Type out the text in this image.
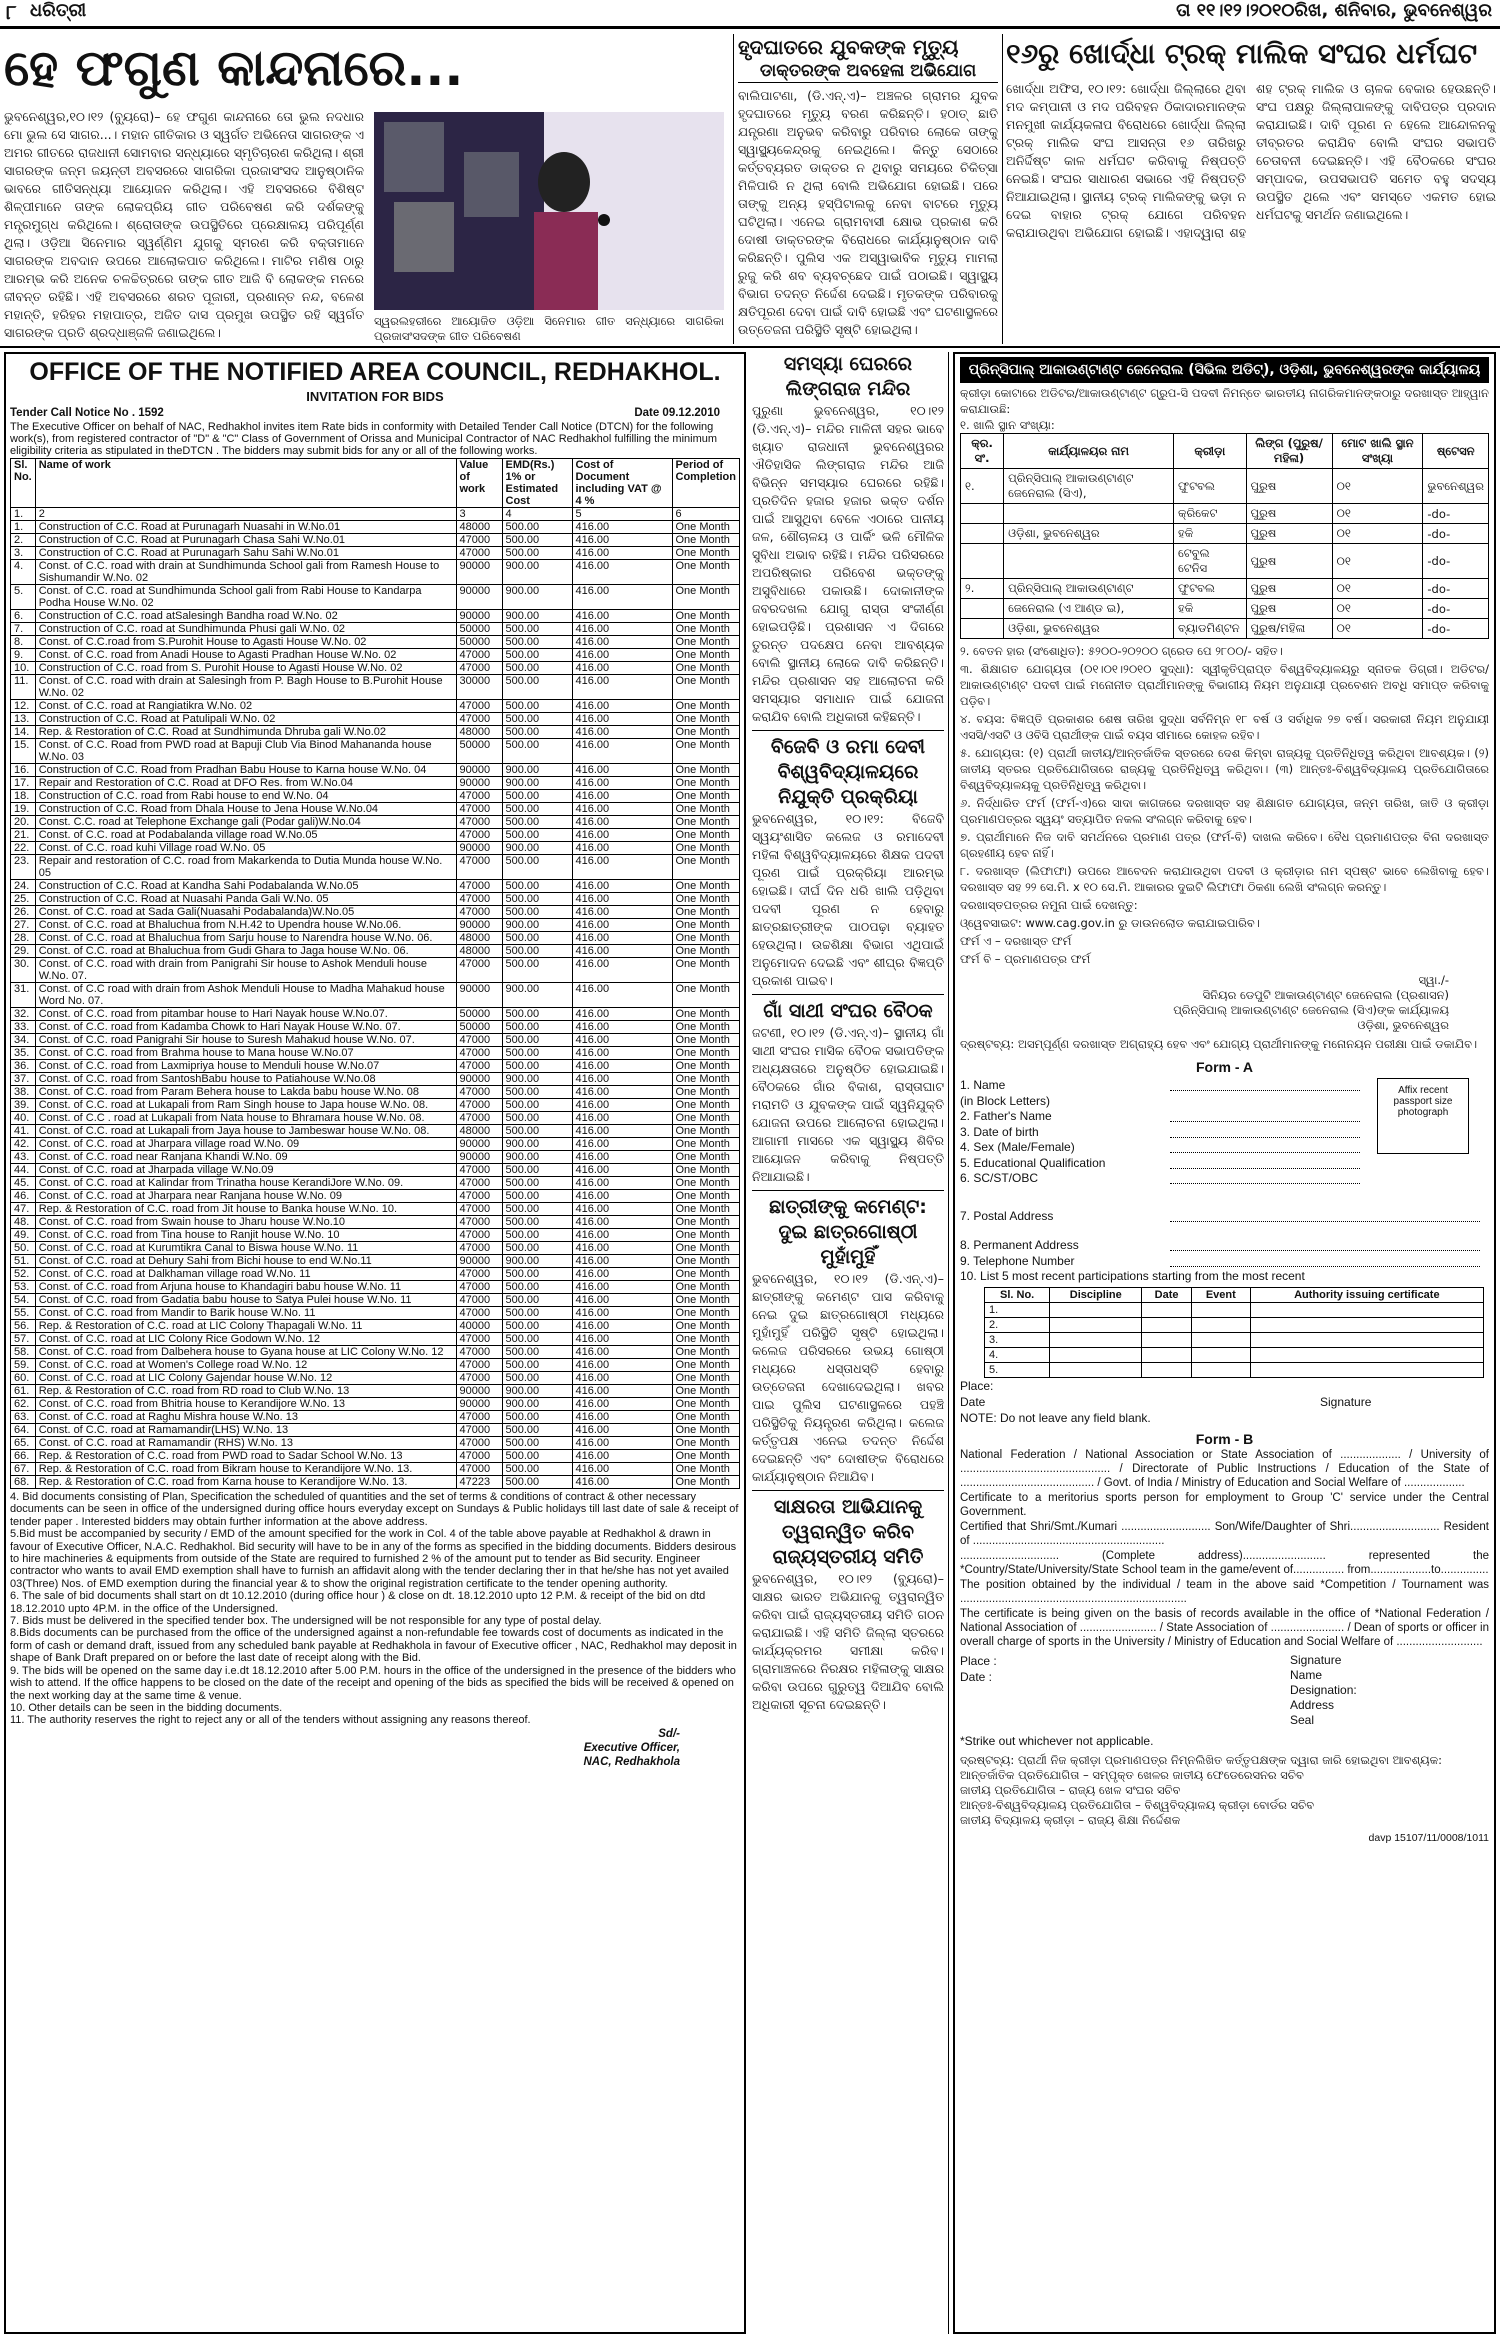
୮ ଧରିତ୍ରୀ	ତା ୧୧।୧୨।୨୦୧୦ରିଖ, ଶନିବାର, ଭୁବନେଶ୍ୱର
ହେ ଫଗୁଣ କାନ୍ଦନାରେ...
ଭୁବନେଶ୍ୱର,୧୦।୧୨ (ବ୍ୟୁରୋ)– ହେ ଫଗୁଣ କାନ୍ଦନାରେ ତୋ ଭୁଲ ନଦଧାର ମୋ ଭୁଲ ସେ ସାଗର...। ମହାନ ଗୀତିକାର ଓ ସ୍ୱର୍ଗତ ଅଭିନେତା ସାଗରଙ୍କ ଏ ଅମର ଗୀତରେ ରାଜଧାନୀ ସୋମବାର ସନ୍ଧ୍ୟାରେ ସ୍ମୃତିଚାରଣ କରିଥିଲା। ଶ୍ରୀ ସାଗରଙ୍କ ଜନ୍ମ ଜୟନ୍ତୀ ଅବସରରେ ସାଗରିକା ପ୍ରଜାସଂସଦ ଆନୁଷ୍ଠାନିକ ଭାବରେ ଗୀତିସନ୍ଧ୍ୟା ଆୟୋଜନ କରିଥିଲା। ଏହି ଅବସରରେ ବିଶିଷ୍ଟ ଶିଳ୍ପୀମାନେ ତାଙ୍କ ଲୋକପ୍ରିୟ ଗୀତ ପରିବେଷଣ କରି ଦର୍ଶକଙ୍କୁ ମନ୍ତ୍ରମୁଗ୍ଧ କରିଥିଲେ। ଶ୍ରୋତାଙ୍କ ଉପସ୍ଥିତିରେ ପ୍ରେକ୍ଷାଳୟ ପରିପୂର୍ଣ୍ଣ ଥିଲା। ଓଡ଼ିଆ ସିନେମାର ସ୍ୱର୍ଣ୍ଣିମ ଯୁଗକୁ ସ୍ମରଣ କରି ବକ୍ତାମାନେ ସାଗରଙ୍କ ଅବଦାନ ଉପରେ ଆଲୋକପାତ କରିଥିଲେ। ମାଟିର ମଣିଷ ଠାରୁ ଆରମ୍ଭ କରି ଅନେକ ଚଳଚ୍ଚିତ୍ରରେ ତାଙ୍କ ଗୀତ ଆଜି ବି ଲୋକଙ୍କ ମନରେ ଜୀବନ୍ତ ରହିଛି। ଏହି ଅବସରରେ ଶରତ ପୂଜାରୀ, ପ୍ରଶାନ୍ତ ନନ୍ଦ, ବଳେଶ ମହାନ୍ତି, ହରିହର ମହାପାତ୍ର, ଅଜିତ ଦାସ ପ୍ରମୁଖ ଉପସ୍ଥିତ ରହି ସ୍ୱର୍ଗତ ସାଗରଙ୍କ ପ୍ରତି ଶ୍ରଦ୍ଧାଞ୍ଜଳି ଜଣାଇଥିଲେ।
ସ୍ୱରଲହରୀରେ ଆୟୋଜିତ ଓଡ଼ିଆ ସିନେମାର ଗୀତ ସନ୍ଧ୍ୟାରେ ସାଗରିକା ପ୍ରଜାସଂସଦଙ୍କ ଗୀତ ପରିବେଷଣ
ହୃଦଘାତରେ ଯୁବକଙ୍କ ମୃତ୍ୟୁ
ଡାକ୍ତରଙ୍କ ଅବହେଳା ଅଭିଯୋଗ
ବାଲିପାଟଣା, (ଡି.ଏନ୍.ଏ)– ଅଞ୍ଚଳର ଗ୍ରାମର ଯୁବକ ହୃଦଘାତରେ ମୃତ୍ୟୁ ବରଣ କରିଛନ୍ତି। ହଠାତ୍ ଛାତି ଯନ୍ତ୍ରଣା ଅନୁଭବ କରିବାରୁ ପରିବାର ଲୋକେ ତାଙ୍କୁ ସ୍ୱାସ୍ଥ୍ୟକେନ୍ଦ୍ରକୁ ନେଇଥିଲେ। କିନ୍ତୁ ସେଠାରେ କର୍ତ୍ତବ୍ୟରତ ଡାକ୍ତର ନ ଥିବାରୁ ସମୟରେ ଚିକିତ୍ସା ମିଳିପାରି ନ ଥିଲା ବୋଲି ଅଭିଯୋଗ ହୋଇଛି। ପରେ ତାଙ୍କୁ ଅନ୍ୟ ହସ୍ପିଟାଲକୁ ନେବା ବାଟରେ ମୃତ୍ୟୁ ଘଟିଥିଲା। ଏନେଇ ଗ୍ରାମବାସୀ କ୍ଷୋଭ ପ୍ରକାଶ କରି ଦୋଷୀ ଡାକ୍ତରଙ୍କ ବିରୋଧରେ କାର୍ଯ୍ୟାନୁଷ୍ଠାନ ଦାବି କରିଛନ୍ତି। ପୁଲିସ ଏକ ଅସ୍ୱାଭାବିକ ମୃତ୍ୟୁ ମାମଲା ରୁଜୁ କରି ଶବ ବ୍ୟବଚ୍ଛେଦ ପାଇଁ ପଠାଇଛି। ସ୍ୱାସ୍ଥ୍ୟ ବିଭାଗ ତଦନ୍ତ ନିର୍ଦ୍ଦେଶ ଦେଇଛି। ମୃତକଙ୍କ ପରିବାରକୁ କ୍ଷତିପୂରଣ ଦେବା ପାଇଁ ଦାବି ହୋଇଛି ଏବଂ ଘଟଣାସ୍ଥଳରେ ଉତ୍ତେଜନା ପରିସ୍ଥିତି ସୃଷ୍ଟି ହୋଇଥିଲା।
୧୬ରୁ ଖୋର୍ଦ୍ଧା ଟ୍ରକ୍ ମାଲିକ ସଂଘର ଧର୍ମଘଟ
ଖୋର୍ଦ୍ଧା ଅଫିସ, ୧୦।୧୨: ଖୋର୍ଦ୍ଧା ଜିଲ୍ଲାରେ ଥିବା ମଦ କମ୍ପାନୀ ଓ ମଦ ପରିବହନ ଠିକାଦାରମାନଙ୍କ ମନମୁଖୀ କାର୍ଯ୍ୟକଳାପ ବିରୋଧରେ ଖୋର୍ଦ୍ଧା ଜିଲ୍ଲା ଟ୍ରକ୍ ମାଲିକ ସଂଘ ଆସନ୍ତା ୧୬ ତାରିଖରୁ ଅନିର୍ଦ୍ଦିଷ୍ଟ କାଳ ଧର୍ମଘଟ କରିବାକୁ ନିଷ୍ପତ୍ତି ନେଇଛି। ସଂଘର ସାଧାରଣ ସଭାରେ ଏହି ନିଷ୍ପତ୍ତି ନିଆଯାଇଥିଲା। ସ୍ଥାନୀୟ ଟ୍ରକ୍ ମାଲିକଙ୍କୁ ଭଡ଼ା ନ ଦେଇ ବାହାର ଟ୍ରକ୍ ଯୋଗେ ପରିବହନ କରାଯାଉଥିବା ଅଭିଯୋଗ ହୋଇଛି। ଏହାଦ୍ୱାରା ଶହ ଶହ ଟ୍ରକ୍ ମାଲିକ ଓ ଚାଳକ ବେକାର ହେଉଛନ୍ତି। ସଂଘ ପକ୍ଷରୁ ଜିଲ୍ଲାପାଳଙ୍କୁ ଦାବିପତ୍ର ପ୍ରଦାନ କରାଯାଇଛି। ଦାବି ପୂରଣ ନ ହେଲେ ଆନ୍ଦୋଳନକୁ ତୀବ୍ରତର କରାଯିବ ବୋଲି ସଂଘର ସଭାପତି ଚେତାବନୀ ଦେଇଛନ୍ତି। ଏହି ବୈଠକରେ ସଂଘର ସମ୍ପାଦକ, ଉପସଭାପତି ସମେତ ବହୁ ସଦସ୍ୟ ଉପସ୍ଥିତ ଥିଲେ ଏବଂ ସମସ୍ତେ ଏକମତ ହୋଇ ଧର୍ମଘଟକୁ ସମର୍ଥନ ଜଣାଇଥିଲେ।
OFFICE OF THE NOTIFIED AREA COUNCIL, REDHAKHOL.
INVITATION FOR BIDS
Tender Call Notice No . 1592	Date 09.12.2010
The Executive Officer on behalf of NAC, Redhakhol invites item Rate bids in conformity with Detailed Tender Call Notice (DTCN) for the following work(s), from registered contractor of "D" & "C" Class of Government of Orissa and Municipal Contractor of NAC Redhakhol fulfilling the minimum eligibility criteria as stipulated in theDTCN . The bidders may submit bids for any or all of the following works.
Sl. No.	Name of work	Value of work	EMD(Rs.) 1% or Estimated Cost	Cost of Document including VAT @ 4 %	Period of Completion
1.	2	3	4	5	6
1.	Construction of C.C. Road at Purunagarh Nuasahi in W.No.01	48000	500.00	416.00	One Month
2.	Construction of C.C. Road at Purunagarh Chasa Sahi W.No.01	47000	500.00	416.00	One Month
3.	Construction of C.C. Road at Purunagarh Sahu Sahi W.No.01	47000	500.00	416.00	One Month
4.	Const. of C.C. road with drain at Sundhimunda School gali from Ramesh House to Sishumandir W.No. 02	90000	900.00	416.00	One Month
5.	Const. of C.C. road at Sundhimunda School gali from Rabi House to Kandarpa Podha House W.No. 02	90000	900.00	416.00	One Month
6.	Construction of C.C. road atSalesingh Bandha road W.No. 02	90000	900.00	416.00	One Month
7.	Construction of C.C. road at Sundhimunda Phusi gali W.No. 02	50000	500.00	416.00	One Month
8.	Const. of C.C.road from S.Purohit House to Agasti House W.No. 02	50000	500.00	416.00	One Month
9.	Const. of C.C. road from Anadi House to Agasti Pradhan House W.No. 02	47000	500.00	416.00	One Month
10.	Construction of C.C. road from S. Purohit House to Agasti House W.No. 02	47000	500.00	416.00	One Month
11.	Const. of C.C. road with drain at Salesingh from P. Bagh House to B.Purohit House W.No. 02	30000	500.00	416.00	One Month
12.	Const. of C.C. road at Rangiatikra W.No. 02	47000	500.00	416.00	One Month
13.	Construction of C.C. Road at Patulipali W.No. 02	47000	500.00	416.00	One Month
14.	Rep. & Restoration of C.C. Road at Sundhimunda Dhruba gali W.No.02	48000	500.00	416.00	One Month
15.	Const. of C.C. Road from PWD road at Bapuji Club Via Binod Mahananda house W.No. 03	50000	500.00	416.00	One Month
16.	Construction of C.C. Road from Pradhan Babu House to Karna house W.No. 04	90000	900.00	416.00	One Month
17.	Repair and Restoration of C.C. Road at DFO Res. from W.No.04	90000	900.00	416.00	One Month
18.	Construction of C.C. road from Rabi house to end W.No. 04	47000	500.00	416.00	One Month
19.	Construction of C.C. Road from Dhala House to Jena House W.No.04	47000	500.00	416.00	One Month
20.	Const. C.C. road at Telephone Exchange gali (Podar gali)W.No.04	47000	500.00	416.00	One Month
21.	Const. of C.C. road at Podabalanda village road W.No.05	47000	500.00	416.00	One Month
22.	Const. of C.C. road kuhi Village road W.No. 05	90000	900.00	416.00	One Month
23.	Repair and restoration of C.C. road from Makarkenda to Dutia Munda house W.No. 05	47000	500.00	416.00	One Month
24.	Construction of C.C. Road at Kandha Sahi Podabalanda W.No.05	47000	500.00	416.00	One Month
25.	Construction of C.C. Road at Nuasahi Panda Gali W.No. 05	47000	500.00	416.00	One Month
26.	Const. of C.C. road at Sada Gali(Nuasahi Podabalanda)W.No.05	47000	500.00	416.00	One Month
27.	Const. of C.C. road at Bhaluchua from N.H.42 to Upendra house W.No.06.	90000	900.00	416.00	One Month
28.	Const. of C.C. road at Bhaluchua from Sarju house to Narendra house W.No. 06.	48000	500.00	416.00	One Month
29.	Const. of C.C. road at Bhaluchua from Gudi Ghara to Jaga house W.No. 06.	48000	500.00	416.00	One Month
30.	Const. of C.C. road with drain from Panigrahi Sir house to Ashok Menduli house W.No. 07.	47000	500.00	416.00	One Month
31.	Const. of C.C road with drain from Ashok Menduli House to Madha Mahakud house Word No. 07.	90000	900.00	416.00	One Month
32.	Const. of C.C. road from pitambar house to Hari Nayak house W.No.07.	50000	500.00	416.00	One Month
33.	Const. of C.C. road from Kadamba Chowk to Hari Nayak House W.No. 07.	50000	500.00	416.00	One Month
34.	Const. of C.C. road Panigrahi Sir house to Suresh Mahakud house W.No. 07.	47000	500.00	416.00	One Month
35.	Const. of C.C. road from Brahma house to Mana house W.No.07	47000	500.00	416.00	One Month
36.	Const. of C.C. road from Laxmipriya house to Menduli house W.No.07	47000	500.00	416.00	One Month
37.	Const. of C.C. road from SantoshBabu house to Patiahouse W.No.08	90000	900.00	416.00	One Month
38.	Const. of C.C. road from Param Behera house to Lakda babu house W.No. 08	47000	500.00	416.00	One Month
39.	Const. of C.C. road at Lukapali from Ram Singh house to Japa house W.No. 08.	47000	500.00	416.00	One Month
40.	Const. of C.C . road at Lukapali from Nata house to Bhramara house W.No. 08.	47000	500.00	416.00	One Month
41.	Const. of C.C. road at Lukapali from Jaya house to Jambeswar house W.No. 08.	48000	500.00	416.00	One Month
42.	Const. of C.C. road at Jharpara village road W.No. 09	90000	900.00	416.00	One Month
43.	Const. of C.C. road near Ranjana Khandi W.No. 09	90000	900.00	416.00	One Month
44.	Const. of C.C. road at Jharpada village W.No.09	47000	500.00	416.00	One Month
45.	Const. of C.C. road at Kalindar from Trinatha house KerandiJore W.No. 09.	47000	500.00	416.00	One Month
46.	Const. of C.C. road at Jharpara near Ranjana house W.No. 09	47000	500.00	416.00	One Month
47.	Rep. & Restoration of C.C. road from Jit house to Banka house W.No. 10.	47000	500.00	416.00	One Month
48.	Const. of C.C. road from Swain house to Jharu house W.No.10	47000	500.00	416.00	One Month
49.	Const. of C.C. road from Tina house to Ranjit house W.No. 10	47000	500.00	416.00	One Month
50.	Const. of C.C. road at Kurumtikra Canal to Biswa house W.No. 11	47000	500.00	416.00	One Month
51.	Const. of C.C. road at Dehury Sahi from Bichi house to end W.No.11	90000	900.00	416.00	One Month
52.	Const. of C.C. road at Dalkhaman village road W.No. 11	47000	500.00	416.00	One Month
53.	Const. of C.C. road from Arjuna house to Khandagiri babu house W.No. 11	47000	500.00	416.00	One Month
54.	Const. of C.C. road from Gadatia babu house to Satya Pulei house W.No. 11	47000	500.00	416.00	One Month
55.	Const. of C.C. road from Mandir to Barik house W.No. 11	47000	500.00	416.00	One Month
56.	Rep. & Restoration of C.C. road at LIC Colony Thapagali W.No. 11	40000	500.00	416.00	One Month
57.	Const. of C.C. road at LIC Colony Rice Godown W.No. 12	47000	500.00	416.00	One Month
58.	Const. of C.C. road from Dalbehera house to Gyana house at LIC Colony W.No. 12	47000	500.00	416.00	One Month
59.	Const. of C.C. road at Women's College road W.No. 12	47000	500.00	416.00	One Month
60.	Const. of C.C. road at LIC Colony Gajendar house W.No. 12	47000	500.00	416.00	One Month
61.	Rep. & Restoration of C.C. road from RD road to Club W.No. 13	90000	900.00	416.00	One Month
62.	Const. of C.C. road from Bhitria house to Kerandijore W.No. 13	90000	900.00	416.00	One Month
63.	Const. of C.C. road at Raghu Mishra house W.No. 13	47000	500.00	416.00	One Month
64.	Const. of C.C. road at Ramamandir(LHS) W.No. 13	47000	500.00	416.00	One Month
65.	Const. of C.C. road at Ramamandir (RHS) W.No. 13	47000	500.00	416.00	One Month
66.	Rep. & Restoration of C.C. road from PWD road to Sadar School W.No. 13	47000	500.00	416.00	One Month
67.	Rep. & Restoration of C.C. road from Bikram house to Kerandijore W.No. 13.	47000	500.00	416.00	One Month
68.	Rep. & Restoration of C.C. road from Karna house to Kerandijore W.No. 13.	47223	500.00	416.00	One Month
4. Bid documents consisting of Plan, Specification the scheduled of quantities and the set of terms & conditions of contract & other necessary documents can be seen in office of the undersigned during office hours everyday except on Sundays & Public holidays till last date of sale & receipt of tender paper . Interested bidders may obtain further information at the above address.
5.Bid must be accompanied by security / EMD of the amount specified for the work in Col. 4 of the table above payable at Redhakhol & drawn in favour of Executive Officer, N.A.C. Redhakhol. Bid security will have to be in any of the forms as specified in the bidding documents. Bidders desirous to hire machineries & equipments from outside of the State are required to furnished 2 % of the amount put to tender as Bid security. Engineer contractor who wants to avail EMD exemption shall have to furnish an affidavit along with the tender declaring ther in that he/she has not yet availed 03(Three) Nos. of EMD exemption during the financial year & to show the original registration certificate to the tender opening authority.
6. The sale of bid documents shall start on dt 10.12.2010 (during office hour ) & close on dt. 18.12.2010 upto 12 P.M. & receipt of the bid on dtd 18.12.2010 upto 4P.M. in the office of the Undersigned.
7. Bids must be delivered in the specified tender box. The undersigned will be not responsible for any type of postal delay.
8.Bids documents can be purchased from the office of the undersigned against a non-refundable fee towards cost of documents as indicated in the form of cash or demand draft, issued from any scheduled bank payable at Redhakhola in favour of Executive officer , NAC, Redhakhol may deposit in shape of Bank Draft prepared on or before the last date of receipt along with the Bid.
9. The bids will be opened on the same day i.e.dt 18.12.2010 after 5.00 P.M. hours in the office of the undersigned in the presence of the bidders who wish to attend. If the office happens to be closed on the date of the receipt and opening of the bids as specified the bids will be received & opened on the next working day at the same time & venue.
10. Other details can be seen in the bidding documents.
11. The authority reserves the right to reject any or all of the tenders without assigning any reasons thereof.
Sd/-
Executive Officer,
NAC, Redhakhola
ସମସ୍ୟା ଘେରରେ ଲିଙ୍ଗରାଜ ମନ୍ଦିର
ପୁରୁଣା ଭୁବନେଶ୍ୱର, ୧୦।୧୨ (ଡି.ଏନ୍.ଏ)– ମନ୍ଦିର ମାଳିନୀ ସହର ଭାବେ ଖ୍ୟାତ ରାଜଧାନୀ ଭୁବନେଶ୍ୱରର ଐତିହାସିକ ଲିଙ୍ଗରାଜ ମନ୍ଦିର ଆଜି ବିଭିନ୍ନ ସମସ୍ୟାର ଘେରରେ ରହିଛି। ପ୍ରତିଦିନ ହଜାର ହଜାର ଭକ୍ତ ଦର୍ଶନ ପାଇଁ ଆସୁଥିବା ବେଳେ ଏଠାରେ ପାନୀୟ ଜଳ, ଶୌଚାଳୟ ଓ ପାର୍କିଂ ଭଳି ମୌଳିକ ସୁବିଧା ଅଭାବ ରହିଛି। ମନ୍ଦିର ପରିସରରେ ଅପରିଷ୍କାର ପରିବେଶ ଭକ୍ତଙ୍କୁ ଅସୁବିଧାରେ ପକାଉଛି। ଦୋକାନୀଙ୍କ ଜବରଦଖଲ ଯୋଗୁ ରାସ୍ତା ସଂକୀର୍ଣ୍ଣ ହୋଇପଡ଼ିଛି। ପ୍ରଶାସନ ଏ ଦିଗରେ ତୁରନ୍ତ ପଦକ୍ଷେପ ନେବା ଆବଶ୍ୟକ ବୋଲି ସ୍ଥାନୀୟ ଲୋକେ ଦାବି କରିଛନ୍ତି। ମନ୍ଦିର ପ୍ରଶାସନ ସହ ଆଲୋଚନା କରି ସମସ୍ୟାର ସମାଧାନ ପାଇଁ ଯୋଜନା କରାଯିବ ବୋଲି ଅଧିକାରୀ କହିଛନ୍ତି।
ବିଜେବି ଓ ରମା ଦେବୀ ବିଶ୍ୱବିଦ୍ୟାଳୟରେ ନିଯୁକ୍ତି ପ୍ରକ୍ରିୟା
ଭୁବନେଶ୍ୱର, ୧୦।୧୨: ବିଜେବି ସ୍ୱୟଂଶାସିତ କଲେଜ ଓ ରମାଦେବୀ ମହିଳା ବିଶ୍ୱବିଦ୍ୟାଳୟରେ ଶିକ୍ଷକ ପଦବୀ ପୂରଣ ପାଇଁ ପ୍ରକ୍ରିୟା ଆରମ୍ଭ ହୋଇଛି। ଦୀର୍ଘ ଦିନ ଧରି ଖାଲି ପଡ଼ିଥିବା ପଦବୀ ପୂରଣ ନ ହେବାରୁ ଛାତ୍ରଛାତ୍ରୀଙ୍କ ପାଠପଢ଼ା ବ୍ୟାହତ ହେଉଥିଲା। ଉଚ୍ଚଶିକ୍ଷା ବିଭାଗ ଏଥିପାଇଁ ଅନୁମୋଦନ ଦେଇଛି ଏବଂ ଶୀଘ୍ର ବିଜ୍ଞପ୍ତି ପ୍ରକାଶ ପାଇବ।
ଗାଁ ସାଥୀ ସଂଘର ବୈଠକ
ଜଟଣୀ, ୧୦।୧୨ (ଡି.ଏନ୍.ଏ)– ସ୍ଥାନୀୟ ଗାଁ ସାଥୀ ସଂଘର ମାସିକ ବୈଠକ ସଭାପତିଙ୍କ ଅଧ୍ୟକ୍ଷତାରେ ଅନୁଷ୍ଠିତ ହୋଇଯାଇଛି। ବୈଠକରେ ଗାଁର ବିକାଶ, ରାସ୍ତାଘାଟ ମରାମତି ଓ ଯୁବକଙ୍କ ପାଇଁ ସ୍ୱନିଯୁକ୍ତି ଯୋଜନା ଉପରେ ଆଲୋଚନା ହୋଇଥିଲା। ଆଗାମୀ ମାସରେ ଏକ ସ୍ୱାସ୍ଥ୍ୟ ଶିବିର ଆୟୋଜନ କରିବାକୁ ନିଷ୍ପତ୍ତି ନିଆଯାଇଛି।
ଛାତ୍ରୀଙ୍କୁ କମେଣ୍ଟ: ଦୁଇ ଛାତ୍ରଗୋଷ୍ଠୀ ମୁହାଁମୁହିଁ
ଭୁବନେଶ୍ୱର, ୧୦।୧୨ (ଡି.ଏନ୍.ଏ)– ଛାତ୍ରୀଙ୍କୁ କମେଣ୍ଟ ପାସ କରିବାକୁ ନେଇ ଦୁଇ ଛାତ୍ରଗୋଷ୍ଠୀ ମଧ୍ୟରେ ମୁହାଁମୁହିଁ ପରିସ୍ଥିତି ସୃଷ୍ଟି ହୋଇଥିଲା। କଲେଜ ପରିସରରେ ଉଭୟ ଗୋଷ୍ଠୀ ମଧ୍ୟରେ ଧସ୍ତାଧସ୍ତି ହେବାରୁ ଉତ୍ତେଜନା ଦେଖାଦେଇଥିଲା। ଖବର ପାଇ ପୁଲିସ ଘଟଣାସ୍ଥଳରେ ପହଞ୍ଚି ପରିସ୍ଥିତିକୁ ନିୟନ୍ତ୍ରଣ କରିଥିଲା। କଲେଜ କର୍ତ୍ତୃପକ୍ଷ ଏନେଇ ତଦନ୍ତ ନିର୍ଦ୍ଦେଶ ଦେଇଛନ୍ତି ଏବଂ ଦୋଷୀଙ୍କ ବିରୋଧରେ କାର୍ଯ୍ୟାନୁଷ୍ଠାନ ନିଆଯିବ।
ସାକ୍ଷରତା ଆଭିଯାନକୁ ତ୍ୱରାନ୍ୱିତ କରିବ ରାଜ୍ୟସ୍ତରୀୟ ସମିତି
ଭୁବନେଶ୍ୱର, ୧୦।୧୨ (ବ୍ୟୁରୋ)– ସାକ୍ଷର ଭାରତ ଅଭିଯାନକୁ ତ୍ୱରାନ୍ୱିତ କରିବା ପାଇଁ ରାଜ୍ୟସ୍ତରୀୟ ସମିତି ଗଠନ କରାଯାଇଛି। ଏହି ସମିତି ଜିଲ୍ଲା ସ୍ତରରେ କାର୍ଯ୍ୟକ୍ରମର ସମୀକ୍ଷା କରିବ। ଗ୍ରାମାଞ୍ଚଳରେ ନିରକ୍ଷର ମହିଳାଙ୍କୁ ସାକ୍ଷର କରିବା ଉପରେ ଗୁରୁତ୍ୱ ଦିଆଯିବ ବୋଲି ଅଧିକାରୀ ସୂଚନା ଦେଇଛନ୍ତି।
ପ୍ରିନ୍ସିପାଲ୍ ଆକାଉଣ୍ଟାଣ୍ଟ ଜେନେରାଲ (ସିଭିଲ ଅଡିଟ୍), ଓଡ଼ିଶା, ଭୁବନେଶ୍ୱରଙ୍କ କାର୍ଯ୍ୟାଳୟ
କ୍ରୀଡ଼ା କୋଟାରେ ଅଡିଟର/ଆକାଉଣ୍ଟାଣ୍ଟ ଗ୍ରୁପ-ସି ପଦବୀ ନିମନ୍ତେ ଭାରତୀୟ ନାଗରିକମାନଙ୍କଠାରୁ ଦରଖାସ୍ତ ଆହ୍ୱାନ କରାଯାଉଛି:
୧. ଖାଲି ସ୍ଥାନ ସଂଖ୍ୟା:
କ୍ର. ସଂ.	କାର୍ଯ୍ୟାଳୟର ନାମ	କ୍ରୀଡ଼ା	ଲିଙ୍ଗ (ପୁରୁଷ/ମହିଳା)	ମୋଟ ଖାଲି ସ୍ଥାନ ସଂଖ୍ୟା	ଷ୍ଟେସନ
୧.	ପ୍ରିନ୍ସିପାଲ୍ ଆକାଉଣ୍ଟାଣ୍ଟ ଜେନେରାଲ (ସିଏ),	ଫୁଟବଲ	ପୁରୁଷ	୦୧	ଭୁବନେଶ୍ୱର
		କ୍ରିକେଟ	ପୁରୁଷ	୦୧	-do-
	ଓଡ଼ିଶା, ଭୁବନେଶ୍ୱର	ହକି	ପୁରୁଷ	୦୧	-do-
		ଟେବୁଲ ଟେନିସ	ପୁରୁଷ	୦୧	-do-
୨.	ପ୍ରିନ୍ସିପାଲ୍ ଆକାଉଣ୍ଟାଣ୍ଟ	ଫୁଟବଲ	ପୁରୁଷ	୦୧	-do-
	ଜେନେରାଲ (ଏ ଆଣ୍ଡ ଇ),	ହକି	ପୁରୁଷ	୦୧	-do-
	ଓଡ଼ିଶା, ଭୁବନେଶ୍ୱର	ବ୍ୟାଡମିଣ୍ଟନ	ପୁରୁଷ/ମହିଳା	୦୧	-do-
୨. ବେତନ ହାର (ସଂଶୋଧିତ): ୫୨୦୦-୨୦୨୦୦ ଗ୍ରେଡ ପେ ୨୮୦୦/- ସହିତ।
୩. ଶିକ୍ଷାଗତ ଯୋଗ୍ୟତା (୦୧।୦୧।୨୦୧୦ ସୁଦ୍ଧା): ସ୍ୱୀକୃତିପ୍ରାପ୍ତ ବିଶ୍ୱବିଦ୍ୟାଳୟରୁ ସ୍ନାତକ ଡିଗ୍ରୀ। ଅଡିଟର/ଆକାଉଣ୍ଟାଣ୍ଟ ପଦବୀ ପାଇଁ ମନୋନୀତ ପ୍ରାର୍ଥୀମାନଙ୍କୁ ବିଭାଗୀୟ ନିୟମ ଅନୁଯାୟୀ ପ୍ରବେଶନ ଅବଧି ସମାପ୍ତ କରିବାକୁ ପଡ଼ିବ।
୪. ବୟସ: ବିଜ୍ଞପ୍ତି ପ୍ରକାଶର ଶେଷ ତାରିଖ ସୁଦ୍ଧା ସର୍ବନିମ୍ନ ୧୮ ବର୍ଷ ଓ ସର୍ବାଧିକ ୨୭ ବର୍ଷ। ସରକାରୀ ନିୟମ ଅନୁଯାୟୀ ଏସସି/ଏସଟି ଓ ଓବିସି ପ୍ରାର୍ଥୀଙ୍କ ପାଇଁ ବୟସ ସୀମାରେ କୋହଳ ରହିବ।
୫. ଯୋଗ୍ୟତା: (୧) ପ୍ରାର୍ଥୀ ଜାତୀୟ/ଆନ୍ତର୍ଜାତିକ ସ୍ତରରେ ଦେଶ କିମ୍ବା ରାଜ୍ୟକୁ ପ୍ରତିନିଧିତ୍ୱ କରିଥିବା ଆବଶ୍ୟକ। (୨) ଜାତୀୟ ସ୍ତରର ପ୍ରତିଯୋଗିତାରେ ରାଜ୍ୟକୁ ପ୍ରତିନିଧିତ୍ୱ କରିଥିବା। (୩) ଆନ୍ତଃ-ବିଶ୍ୱବିଦ୍ୟାଳୟ ପ୍ରତିଯୋଗିତାରେ ବିଶ୍ୱବିଦ୍ୟାଳୟକୁ ପ୍ରତିନିଧିତ୍ୱ କରିଥିବା।
୬. ନିର୍ଦ୍ଧାରିତ ଫର୍ମ (ଫର୍ମ-ଏ)ରେ ସାଦା କାଗଜରେ ଦରଖାସ୍ତ ସହ ଶିକ୍ଷାଗତ ଯୋଗ୍ୟତା, ଜନ୍ମ ତାରିଖ, ଜାତି ଓ କ୍ରୀଡ଼ା ପ୍ରମାଣପତ୍ରର ସ୍ୱୟଂ ସତ୍ୟାପିତ ନକଲ ସଂଲଗ୍ନ କରିବାକୁ ହେବ।
୭. ପ୍ରାର୍ଥୀମାନେ ନିଜ ଦାବି ସମର୍ଥନରେ ପ୍ରମାଣ ପତ୍ର (ଫର୍ମ-ବି) ଦାଖଲ କରିବେ। ବୈଧ ପ୍ରମାଣପତ୍ର ବିନା ଦରଖାସ୍ତ ଗ୍ରହଣୀୟ ହେବ ନାହିଁ।
୮. ଦରଖାସ୍ତ (ଲିଫାଫା) ଉପରେ ଆବେଦନ କରାଯାଉଥିବା ପଦବୀ ଓ କ୍ରୀଡ଼ାର ନାମ ସ୍ପଷ୍ଟ ଭାବେ ଲେଖିବାକୁ ହେବ। ଦରଖାସ୍ତ ସହ ୨୨ ସେ.ମି. x ୧୦ ସେ.ମି. ଆକାରର ଦୁଇଟି ଲିଫାଫା ଠିକଣା ଲେଖି ସଂଲଗ୍ନ କରନ୍ତୁ।
ଦରଖାସ୍ତପତ୍ରର ନମୁନା ପାଇଁ ଦେଖନ୍ତୁ:
ଓ୍ୱେବସାଇଟ: www.cag.gov.in ରୁ ଡାଉନଲୋଡ କରାଯାଇପାରିବ।
ଫର୍ମ ଏ – ଦରଖାସ୍ତ ଫର୍ମ
ଫର୍ମ ବି – ପ୍ରମାଣପତ୍ର ଫର୍ମ
ସ୍ୱା./-
ସିନିୟର ଡେପୁଟି ଆକାଉଣ୍ଟାଣ୍ଟ ଜେନେରାଲ (ପ୍ରଶାସନ)
ପ୍ରିନ୍ସିପାଲ୍ ଆକାଉଣ୍ଟାଣ୍ଟ ଜେନେରାଲ (ସିଏ)ଙ୍କ କାର୍ଯ୍ୟାଳୟ
ଓଡ଼ିଶା, ଭୁବନେଶ୍ୱର
ଦ୍ରଷ୍ଟବ୍ୟ: ଅସମ୍ପୂର୍ଣ୍ଣ ଦରଖାସ୍ତ ଅଗ୍ରାହ୍ୟ ହେବ ଏବଂ ଯୋଗ୍ୟ ପ୍ରାର୍ଥୀମାନଙ୍କୁ ମନୋନୟନ ପରୀକ୍ଷା ପାଇଁ ଡକାଯିବ।
Form - A
Affix recent passport size photograph
1. Name
(in Block Letters)
2. Father's Name
3. Date of birth
4. Sex (Male/Female)
5. Educational Qualification
6. SC/ST/OBC
7. Postal Address
8. Permanent Address
9. Telephone Number
10. List 5 most recent participations starting from the most recent
Sl. No.	Discipline	Date	Event	Authority issuing certificate
1.				
2.				
3.				
4.				
5.				
Place:
Date	Signature
NOTE: Do not leave any field blank.
Form - B
National Federation / National Association or State Association of ................... / University of ............................................... / Directorate of Public Instructions / Education of the State of .......................................... / Govt. of India / Ministry of Education and Social Welfare of ...................
Certificate to a meritorius sports person for employment to Group 'C' service under the Central Government.
Certified that Shri/Smt./Kumari ............................ Son/Wife/Daughter of Shri............................ Resident of ............................................................
............................... (Complete address).......................... represented the *Country/State/University/State School team in the game/event of................ from...................to...............
The position obtained by the individual / team in the above said *Competition / Tournament was .......................................................................
The certificate is being given on the basis of records available in the office of *National Federation / National Association of ........................ / State Association of ....................... / Dean of sports or officer in overall charge of sports in the University / Ministry of Education and Social Welfare of ...........................
Place :
Date :
Signature
Name
Designation:
Address
Seal
*Strike out whichever not applicable.
ଦ୍ରଷ୍ଟବ୍ୟ: ପ୍ରାର୍ଥୀ ନିଜ କ୍ରୀଡ଼ା ପ୍ରମାଣପତ୍ର ନିମ୍ନଲିଖିତ କର୍ତ୍ତୃପକ୍ଷଙ୍କ ଦ୍ୱାରା ଜାରି ହୋଇଥିବା ଆବଶ୍ୟକ:
ଆନ୍ତର୍ଜାତିକ ପ୍ରତିଯୋଗିତା – ସମ୍ପୃକ୍ତ ଖେଳର ଜାତୀୟ ଫେଡେରେସନର ସଚିବ
ଜାତୀୟ ପ୍ରତିଯୋଗିତା – ରାଜ୍ୟ ଖେଳ ସଂଘର ସଚିବ
ଆନ୍ତଃ-ବିଶ୍ୱବିଦ୍ୟାଳୟ ପ୍ରତିଯୋଗିତା – ବିଶ୍ୱବିଦ୍ୟାଳୟ କ୍ରୀଡ଼ା ବୋର୍ଡର ସଚିବ
ଜାତୀୟ ବିଦ୍ୟାଳୟ କ୍ରୀଡ଼ା – ରାଜ୍ୟ ଶିକ୍ଷା ନିର୍ଦ୍ଦେଶକ
davp 15107/11/0008/1011
